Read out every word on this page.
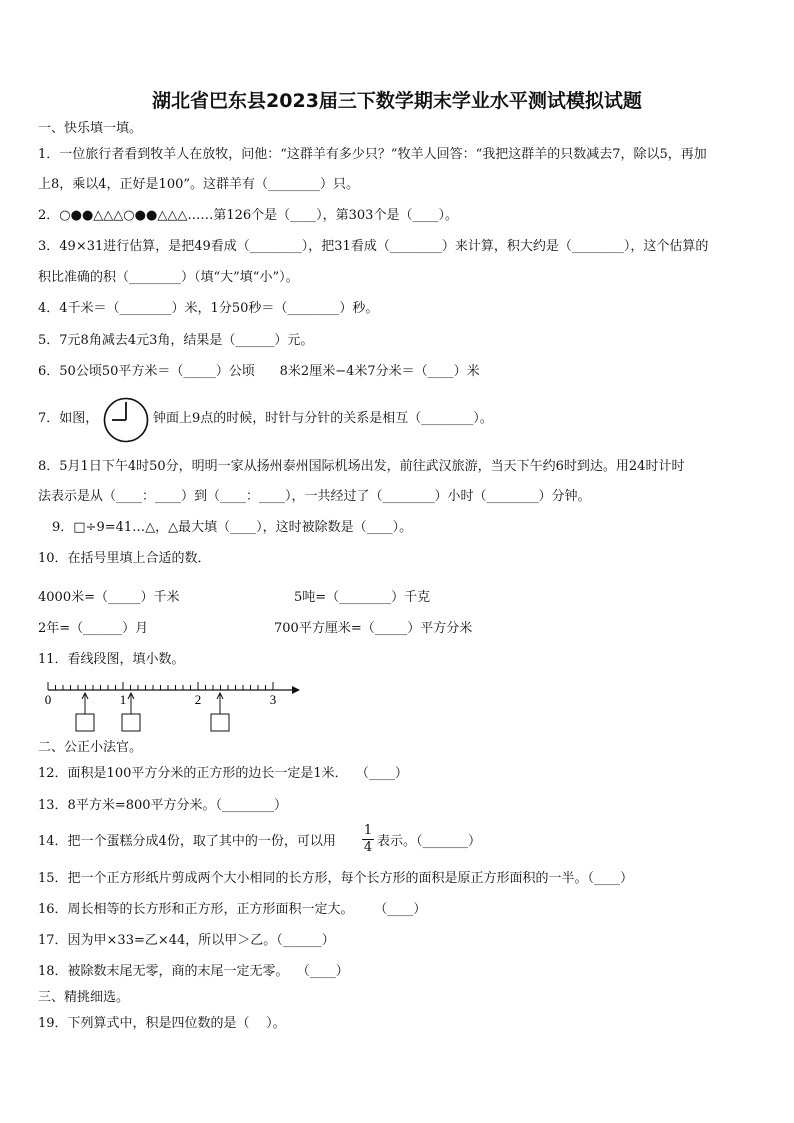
湖北省巴东县2023届三下数学期末学业水平测试模拟试题
一、快乐填一填。
1．一位旅行者看到牧羊人在放牧，问他：“这群羊有多少只？”牧羊人回答：“我把这群羊的只数减去7，除以5，再加
上8，乘以4，正好是100”。这群羊有（________）只。
2．○●●△△△○●●△△△……第126个是（____），第303个是（____）。
3．49×31进行估算，是把49看成（________），把31看成（________）来计算，积大约是（________），这个估算的
积比准确的积（________）（填“大”填“小”）。
4．4千米＝（________）米，1分50秒＝（________）秒。
5．7元8角减去4元3角，结果是（______）元。
6．50公顷50平方米＝（_____）公顷      8米2厘米−4米7分米＝（____）米
7．如图，	钟面上9点的时候，时针与分针的关系是相互（________）。
8．5月1日下午4时50分，明明一家从扬州泰州国际机场出发，前往武汉旅游，当天下午约6时到达。用24时计时
法表示是从（____：____）到（____：____），一共经过了（________）小时（________）分钟。
9．□÷9=41…△，△最大填（____），这时被除数是（____）。
10．在括号里填上合适的数．
4000米=（_____）千米	5吨=（________）千克
2年=（______）月	700平方厘米=（_____）平方分米
11．看线段图，填小数。
0	1	2	3
二、公正小法官。
12．面积是100平方分米的正方形的边长一定是1米．  （____）
13．8平方米=800平方分米。（________）
14．把一个蛋糕分成4份，取了其中的一份，可以用
1
4 表示。（_______）
15．把一个正方形纸片剪成两个大小相同的长方形，每个长方形的面积是原正方形面积的一半。（____）
16．周长相等的长方形和正方形，正方形面积一定大。     （____）
17．因为甲×33=乙×44，所以甲＞乙。（______）
18．被除数末尾无零，商的末尾一定无零。  （____）
三、精挑细选。
19．下列算式中，积是四位数的是（    ）。
